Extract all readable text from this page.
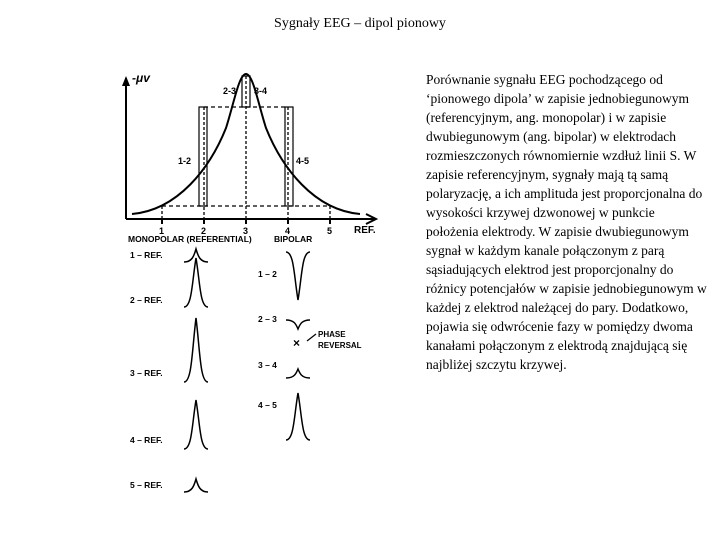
Sygnały EEG – dipol pionowy
-μv
REF.
1-2
2-3 3-4
4-5
1	2	3	4	5
MONOPOLAR (REFERENTIAL)	BIPOLAR
1 – REF.
2 – REF.
3 – REF.
4 – REF.
5 – REF.
1 – 2
2 – 3
3 – 4
4 – 5
×
PHASE
REVERSAL
Porównanie sygnału EEG pochodzącego od ‘pionowego dipola’ w zapisie jednobiegunowym (referencyjnym, ang. monopolar) i w zapisie dwubiegunowym (ang. bipolar) w elektrodach rozmieszczonych równomiernie wzdłuż linii S. W zapisie referencyjnym, sygnały mają tą samą polaryzację, a ich amplituda jest proporcjonalna do wysokości krzywej dzwonowej w punkcie położenia elektrody. W zapisie dwubiegunowym sygnał w każdym kanale połączonym z parą sąsiadujących elektrod jest proporcjonalny do różnicy potencjałów w zapisie jednobiegunowym w każdej z elektrod należącej do pary. Dodatkowo, pojawia się odwrócenie fazy w pomiędzy dwoma kanałami połączonym z elektrodą znajdującą się najbliżej szczytu krzywej.
